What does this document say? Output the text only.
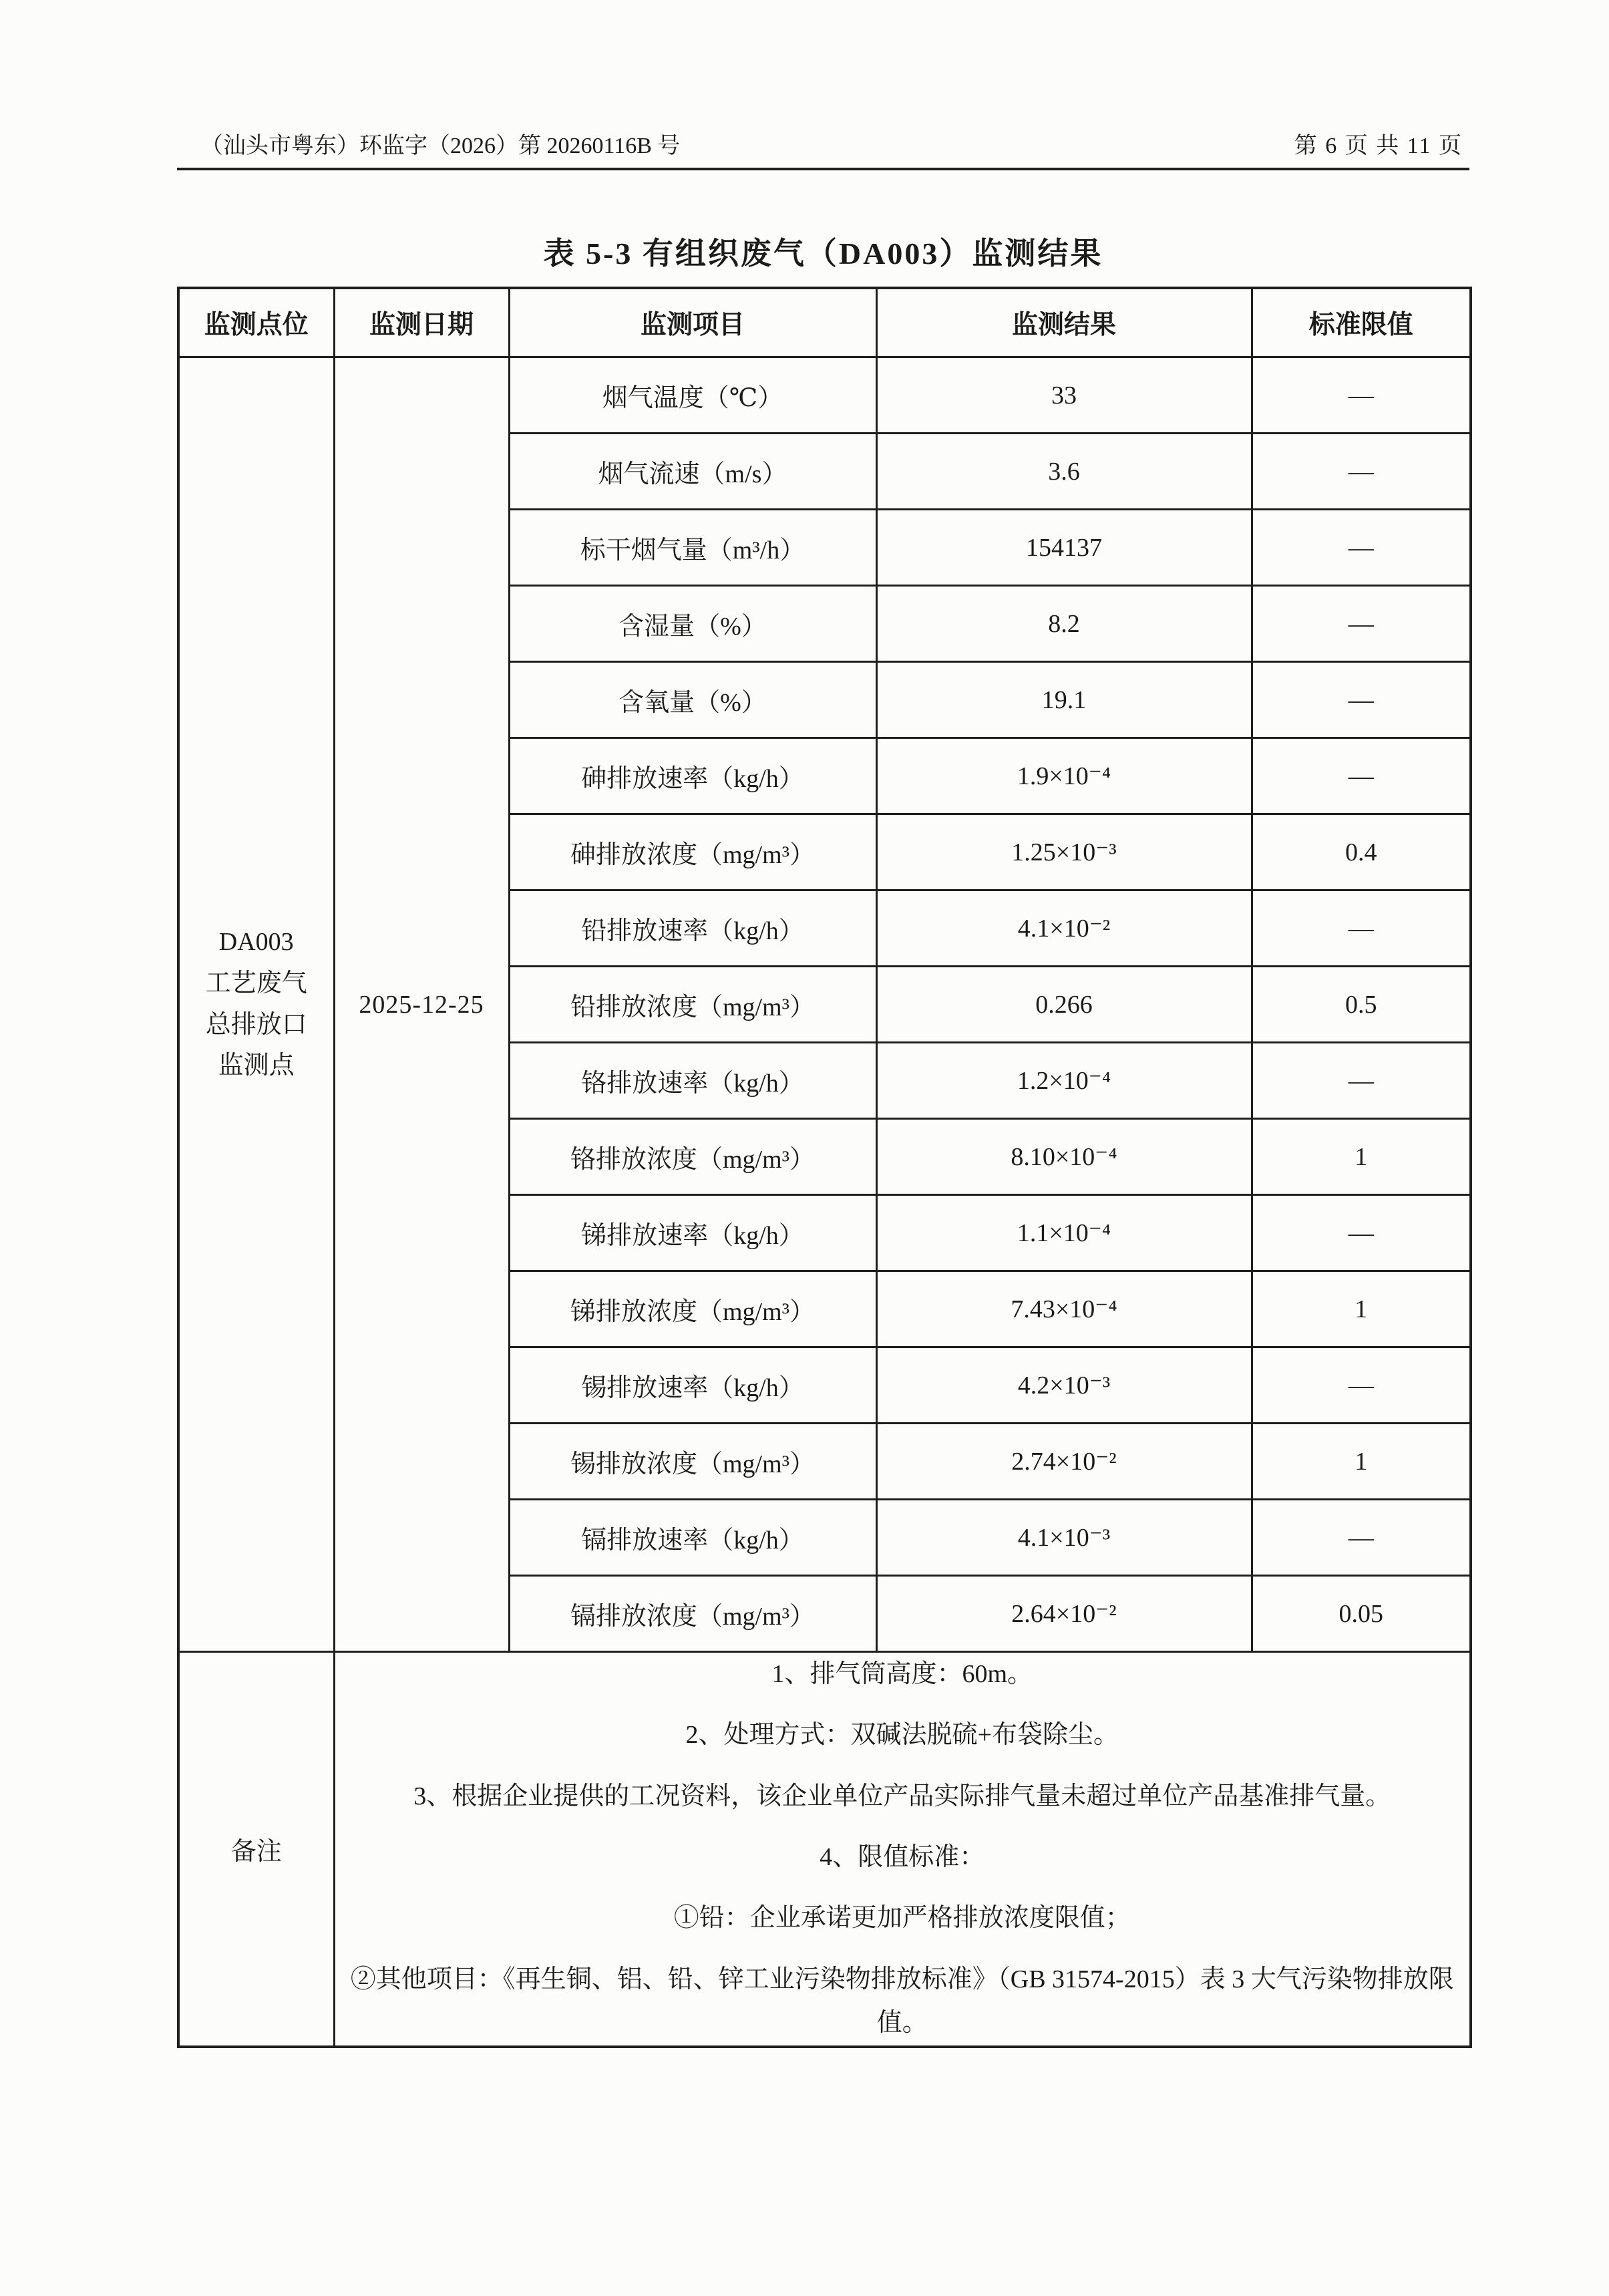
（汕头市粤东）环监字（2026）第 20260116B 号	第 6 页 共 11 页
表 5-3 有组织废气（DA003）监测结果
监测点位	监测日期	监测项目	监测结果	标准限值

DA003
工艺废气
总排放口
监测点	2025-12-25	烟气温度（℃）	33	—
		烟气流速（m/s）	3.6	—
		标干烟气量（m³/h）	154137	—
		含湿量（%）	8.2	—
		含氧量（%）	19.1	—
		砷排放速率（kg/h）	1.9×10⁻⁴	—
		砷排放浓度（mg/m³）	1.25×10⁻³	0.4
		铅排放速率（kg/h）	4.1×10⁻²	—
		铅排放浓度（mg/m³）	0.266	0.5
		铬排放速率（kg/h）	1.2×10⁻⁴	—
		铬排放浓度（mg/m³）	8.10×10⁻⁴	1
		锑排放速率（kg/h）	1.1×10⁻⁴	—
		锑排放浓度（mg/m³）	7.43×10⁻⁴	1
		锡排放速率（kg/h）	4.2×10⁻³	—
		锡排放浓度（mg/m³）	2.74×10⁻²	1
		镉排放速率（kg/h）	4.1×10⁻³	—
		镉排放浓度（mg/m³）	2.64×10⁻²	0.05
备注	

1、排气筒高度：60m。

2、处理方式：双碱法脱硫+布袋除尘。

3、根据企业提供的工况资料，该企业单位产品实际排气量未超过单位产品基准排气量。

4、限值标准：

①铅：企业承诺更加严格排放浓度限值；

②其他项目：《再生铜、铝、铅、锌工业污染物排放标准》（GB 31574-2015）表 3 大气污染物排放限值。
